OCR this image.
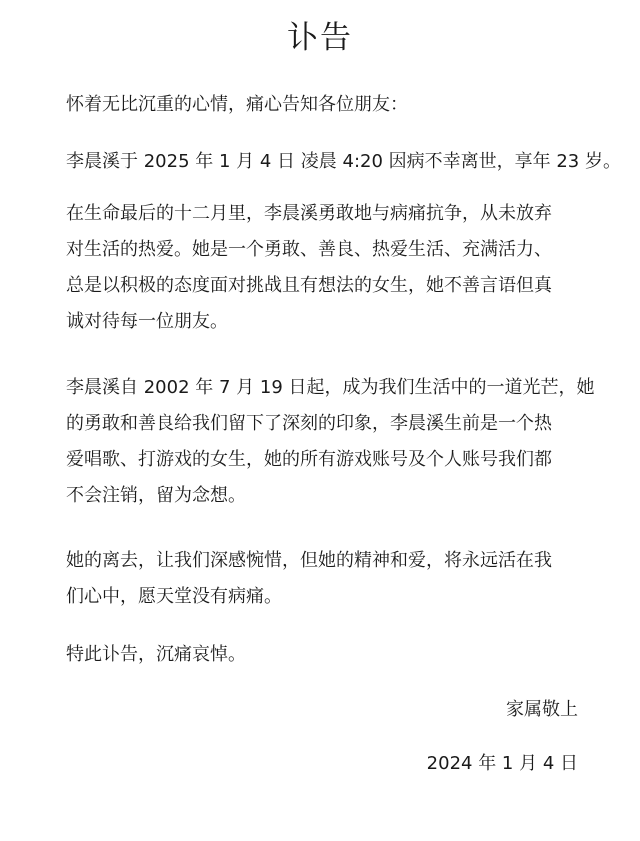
讣告
怀着无比沉重的心情，痛心告知各位朋友：
李晨溪于 2025 年 1 月 4 日 凌晨 4:20 因病不幸离世，享年 23 岁。
在生命最后的十二月里，李晨溪勇敢地与病痛抗争，从未放弃
对生活的热爱。她是一个勇敢、善良、热爱生活、充满活力、
总是以积极的态度面对挑战且有想法的女生，她不善言语但真
诚对待每一位朋友。
李晨溪自 2002 年 7 月 19 日起，成为我们生活中的一道光芒，她
的勇敢和善良给我们留下了深刻的印象，李晨溪生前是一个热
爱唱歌、打游戏的女生，她的所有游戏账号及个人账号我们都
不会注销，留为念想。
她的离去，让我们深感惋惜，但她的精神和爱，将永远活在我
们心中，愿天堂没有病痛。
特此讣告，沉痛哀悼。
家属敬上
2024 年 1 月 4 日
